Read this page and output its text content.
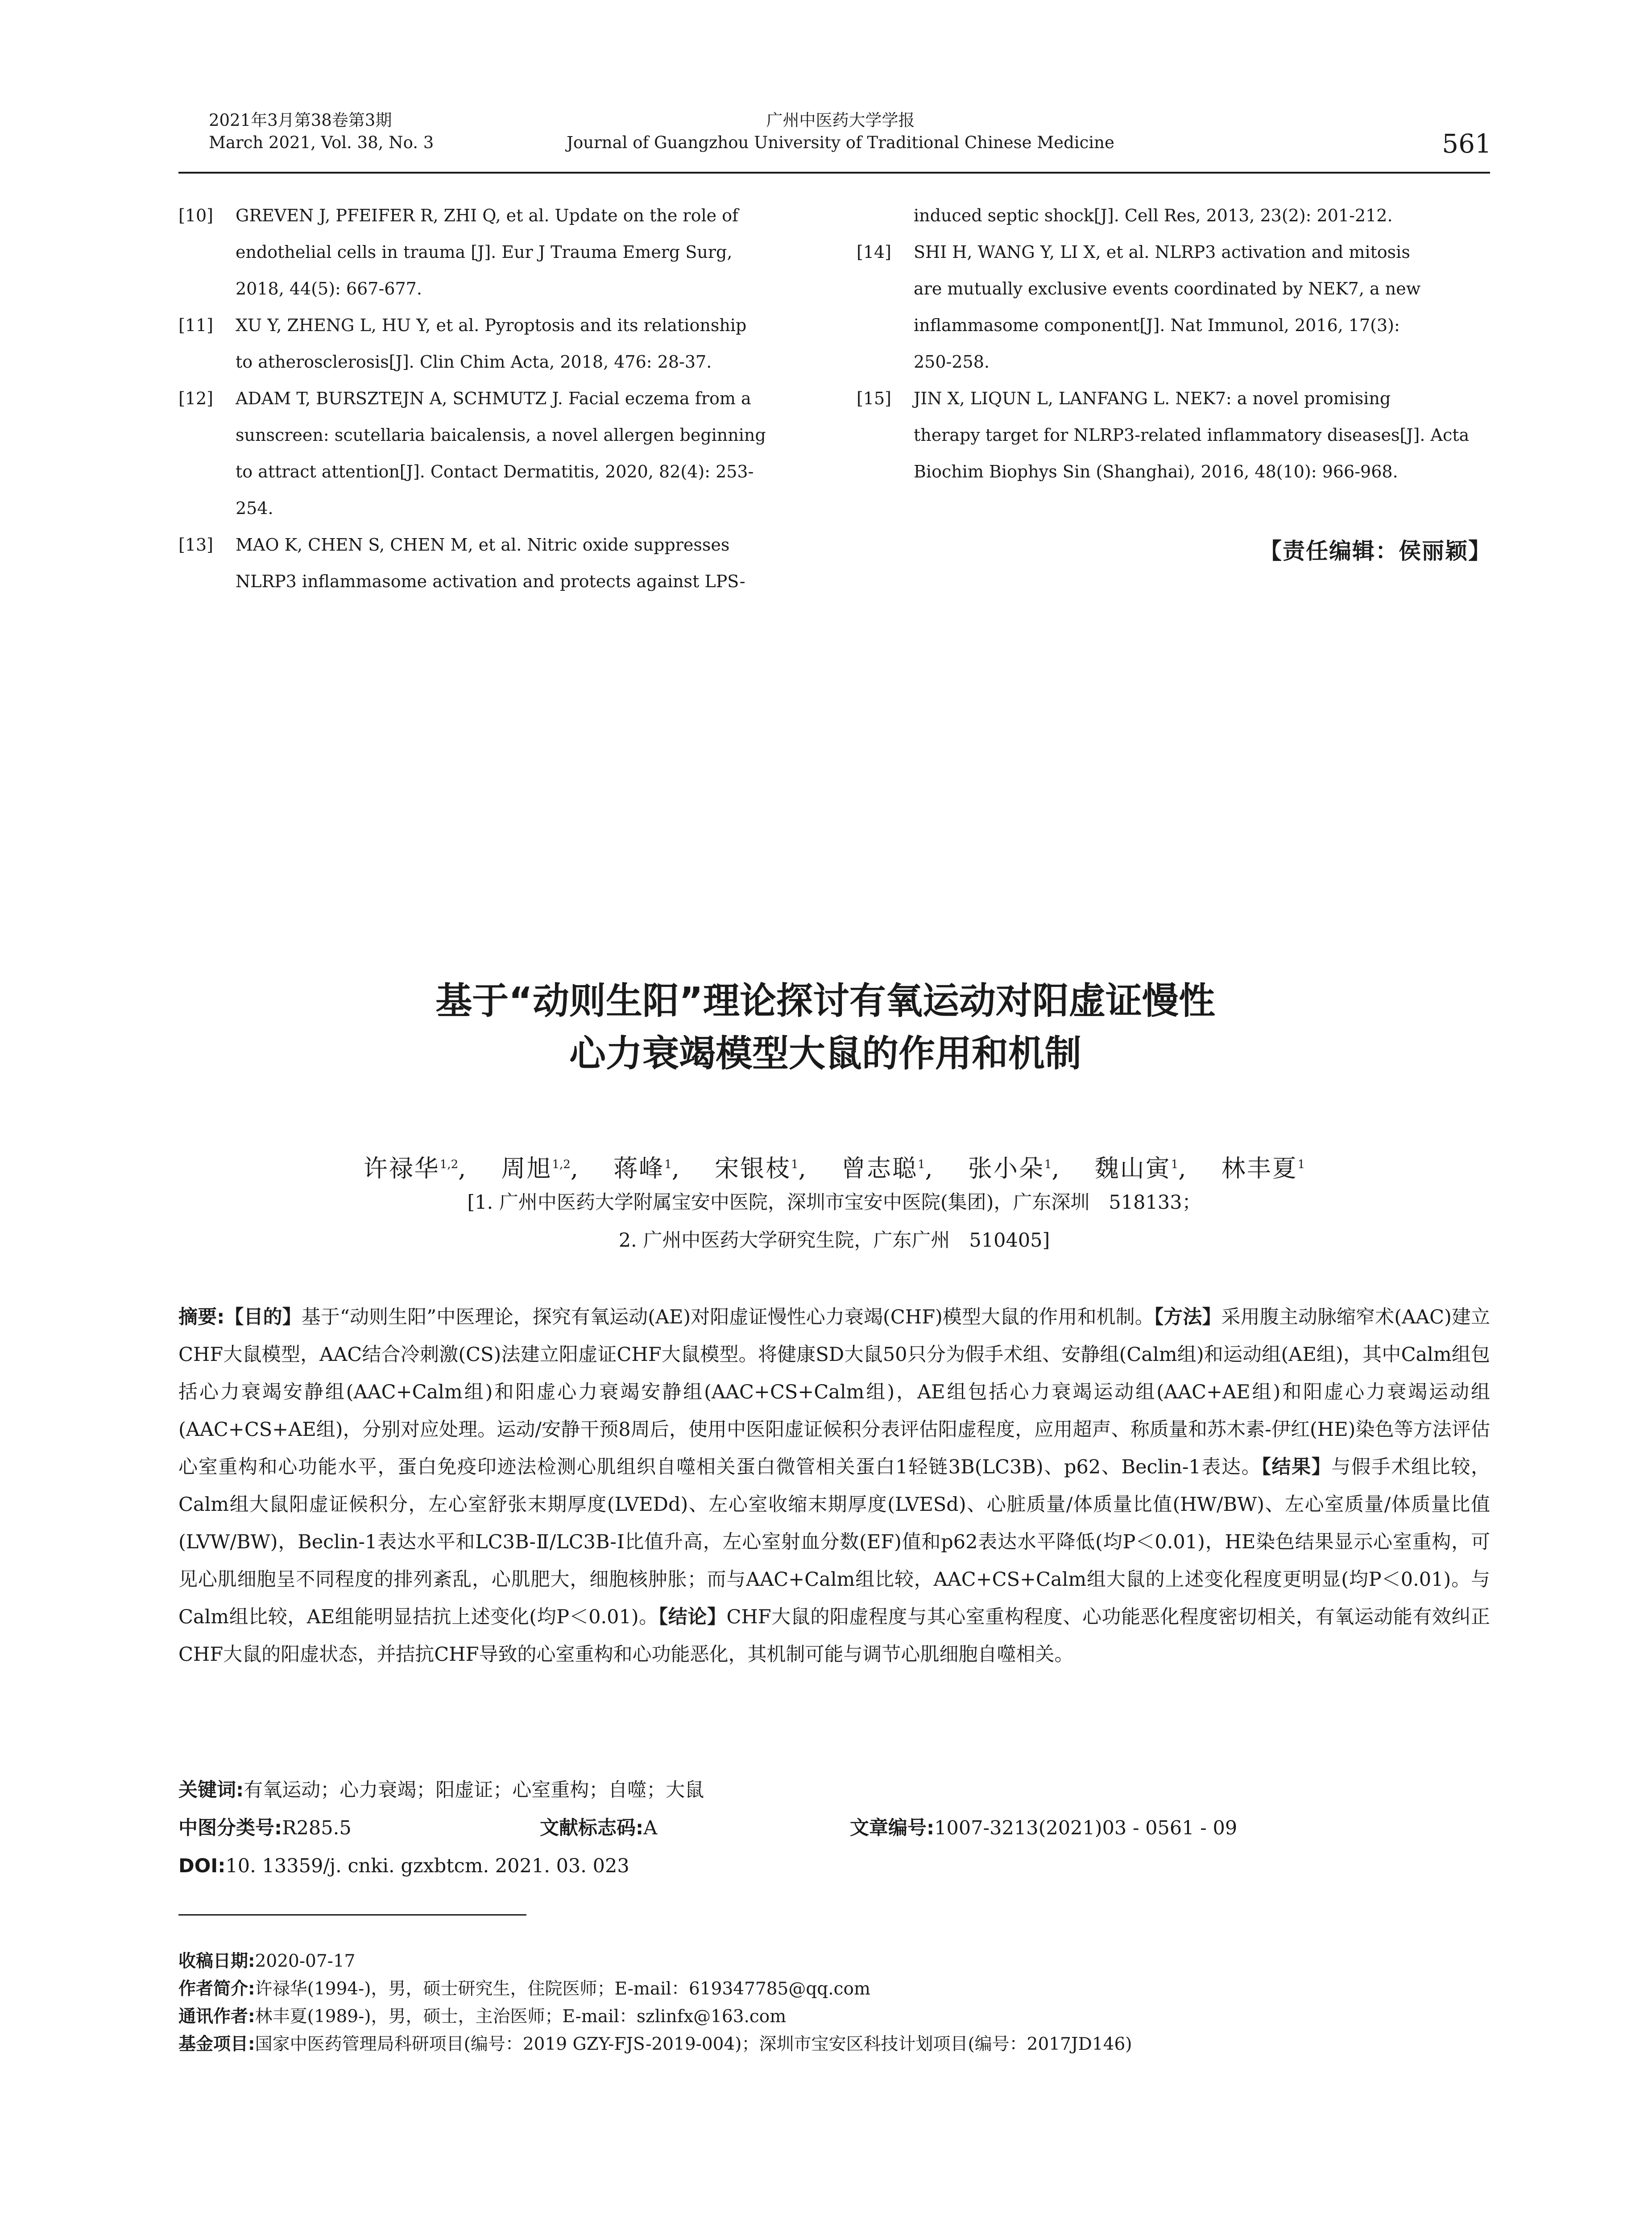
2021年3月第38卷第3期
March 2021, Vol. 38, No. 3
广州中医药大学学报
Journal of Guangzhou University of Traditional Chinese Medicine	561
[10] GREVEN J, PFEIFER R, ZHI Q, et al. Update on the role of
endothelial cells in trauma [J]. Eur J Trauma Emerg Surg,
2018, 44(5): 667-677.
[11] XU Y, ZHENG L, HU Y, et al. Pyroptosis and its relationship
to atherosclerosis[J]. Clin Chim Acta, 2018, 476: 28-37.
[12] ADAM T, BURSZTEJN A, SCHMUTZ J. Facial eczema from a
sunscreen: scutellaria baicalensis, a novel allergen beginning
to attract attention[J]. Contact Dermatitis, 2020, 82(4): 253-
254.
[13] MAO K, CHEN S, CHEN M, et al. Nitric oxide suppresses
NLRP3 inflammasome activation and protects against LPS-
induced septic shock[J]. Cell Res, 2013, 23(2): 201-212.
[14] SHI H, WANG Y, LI X, et al. NLRP3 activation and mitosis
are mutually exclusive events coordinated by NEK7, a new
inflammasome component[J]. Nat Immunol, 2016, 17(3):
250-258.
[15] JIN X, LIQUN L, LANFANG L. NEK7: a novel promising
therapy target for NLRP3-related inflammatory diseases[J]. Acta
Biochim Biophys Sin (Shanghai), 2016, 48(10): 966-968.
【责任编辑：侯丽颖】
基于“动则生阳”理论探讨有氧运动对阳虚证慢性
心力衰竭模型大鼠的作用和机制
许禄华$^{1,2}$, 周旭$^{1,2}$, 蒋峰$^1$, 宋银枝$^1$, 曾志聪$^1$, 张小朵$^1$, 魏山寅$^1$, 林丰夏$^1$
[1. 广州中医药大学附属宝安中医院，深圳市宝安中医院(集团)，广东深圳　518133；
2. 广州中医药大学研究生院，广东广州　510405]
摘要:【目的】基于“动则生阳”中医理论，探究有氧运动(AE)对阳虚证慢性心力衰竭(CHF)模型大鼠的作用和机制。【方法】采用腹主动脉缩窄术(AAC)建立CHF大鼠模型，AAC结合冷刺激(CS)法建立阳虚证CHF大鼠模型。将健康SD大鼠50只分为假手术组、安静组(Calm组)和运动组(AE组)，其中Calm组包括心力衰竭安静组(AAC+Calm组)和阳虚心力衰竭安静组(AAC+CS+Calm组)，AE组包括心力衰竭运动组(AAC+AE组)和阳虚心力衰竭运动组(AAC+CS+AE组)，分别对应处理。运动/安静干预8周后，使用中医阳虚证候积分表评估阳虚程度，应用超声、称质量和苏木素-伊红(HE)染色等方法评估心室重构和心功能水平，蛋白免疫印迹法检测心肌组织自噬相关蛋白微管相关蛋白1轻链3B(LC3B)、p62、Beclin-1表达。【结果】与假手术组比较，Calm组大鼠阳虚证候积分，左心室舒张末期厚度(LVEDd)、左心室收缩末期厚度(LVESd)、心脏质量/体质量比值(HW/BW)、左心室质量/体质量比值(LVW/BW)，Beclin-1表达水平和LC3B-Ⅱ/LC3B-Ⅰ比值升高，左心室射血分数(EF)值和p62表达水平降低(均P＜0.01)，HE染色结果显示心室重构，可见心肌细胞呈不同程度的排列紊乱，心肌肥大，细胞核肿胀；而与AAC+Calm组比较，AAC+CS+Calm组大鼠的上述变化程度更明显(均P＜0.01)。与Calm组比较，AE组能明显拮抗上述变化(均P＜0.01)。【结论】CHF大鼠的阳虚程度与其心室重构程度、心功能恶化程度密切相关，有氧运动能有效纠正CHF大鼠的阳虚状态，并拮抗CHF导致的心室重构和心功能恶化，其机制可能与调节心肌细胞自噬相关。
关键词:有氧运动；心力衰竭；阳虚证；心室重构；自噬；大鼠
中图分类号:R285.5	文献标志码:A	文章编号:1007-3213(2021)03 - 0561 - 09
DOI:10. 13359/j. cnki. gzxbtcm. 2021. 03. 023
收稿日期:2020-07-17
作者简介:许禄华(1994-)，男，硕士研究生，住院医师；E-mail：619347785@qq.com
通讯作者:林丰夏(1989-)，男，硕士，主治医师；E-mail：szlinfx@163.com
基金项目:国家中医药管理局科研项目(编号：2019 GZY-FJS-2019-004)；深圳市宝安区科技计划项目(编号：2017JD146)
